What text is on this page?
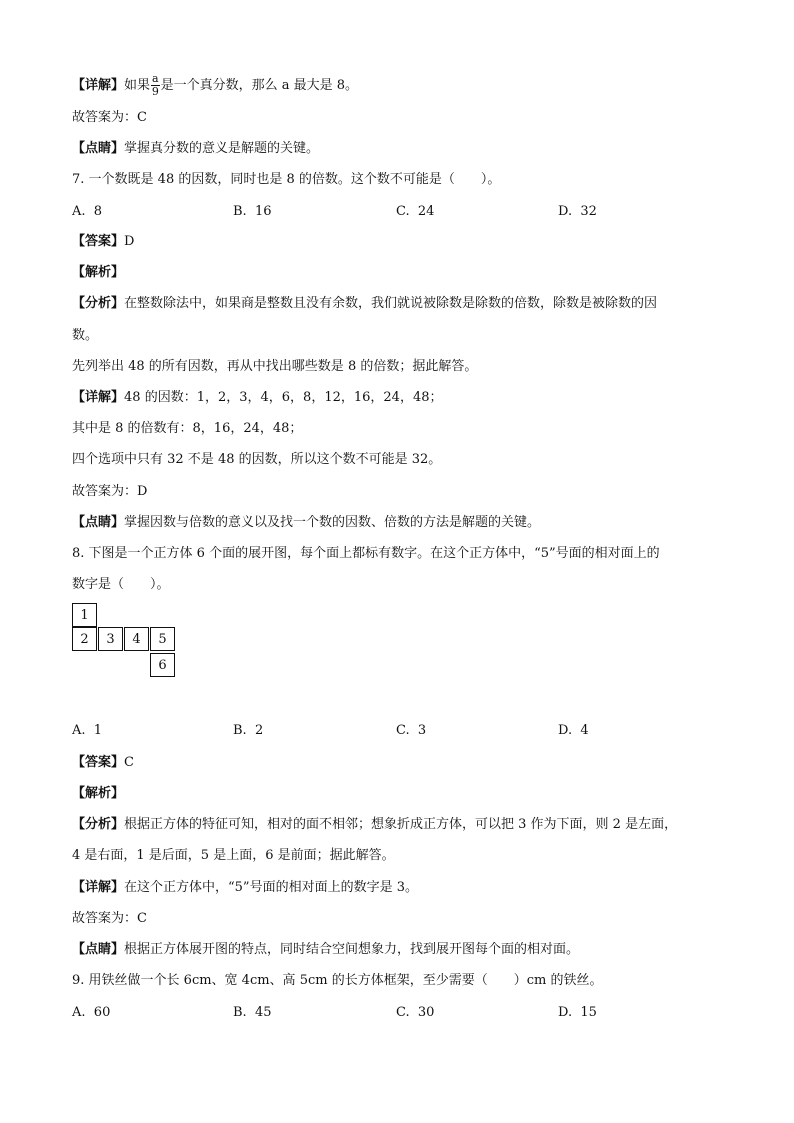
【详解】如果 $\frac{a}{9}$ 是一个真分数，那么 a 最大是 8。
故答案为：C
【点睛】掌握真分数的意义是解题的关键。
7. 一个数既是 48 的因数，同时也是 8 的倍数。这个数不可能是（　　）。
A. 8	B. 16	C. 24	D. 32
【答案】D
【解析】
【分析】在整数除法中，如果商是整数且没有余数，我们就说被除数是除数的倍数，除数是被除数的因
数。
先列举出 48 的所有因数，再从中找出哪些数是 8 的倍数；据此解答。
【详解】48 的因数：1，2，3，4，6，8，12，16，24，48；
其中是 8 的倍数有：8，16，24，48；
四个选项中只有 32 不是 48 的因数，所以这个数不可能是 32。
故答案为：D
【点睛】掌握因数与倍数的意义以及找一个数的因数、倍数的方法是解题的关键。
8. 下图是一个正方体 6 个面的展开图，每个面上都标有数字。在这个正方体中，“5”号面的相对面上的
数字是（　　）。
1
2	3	4	5
6
A. 1	B. 2	C. 3	D. 4
【答案】C
【解析】
【分析】根据正方体的特征可知，相对的面不相邻；想象折成正方体，可以把 3 作为下面，则 2 是左面，
4 是右面，1 是后面，5 是上面，6 是前面；据此解答。
【详解】在这个正方体中，“5”号面的相对面上的数字是 3。
故答案为：C
【点睛】根据正方体展开图的特点，同时结合空间想象力，找到展开图每个面的相对面。
9. 用铁丝做一个长 6cm、宽 4cm、高 5cm 的长方体框架，至少需要（　　）cm 的铁丝。
A. 60	B. 45	C. 30	D. 15
